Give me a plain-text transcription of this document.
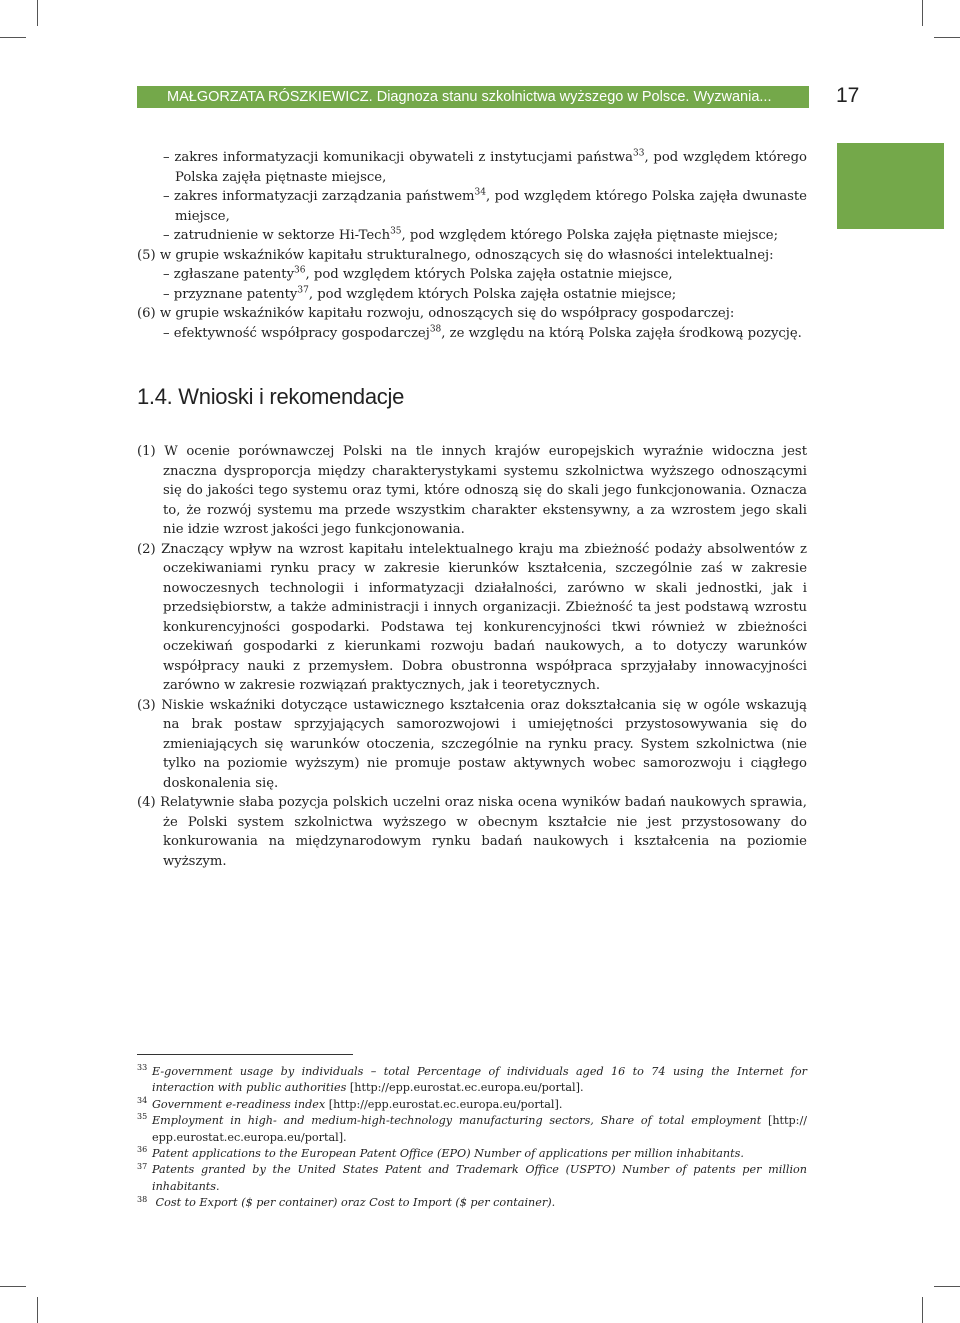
MAŁGORZATA RÓSZKIEWICZ. Diagnoza stanu szkolnictwa wyższego w Polsce. Wyzwania...	17
– zakres informatyzacji komunikacji obywateli z instytucjami państwa$^{33}$, pod względem którego Polska zajęła piętnaste miejsce,
– zakres informatyzacji zarządzania państwem$^{34}$, pod względem którego Polska zajęła dwunaste miejsce,
– zatrudnienie w sektorze Hi-Tech$^{35}$, pod względem którego Polska zajęła piętnaste miejsce;
(5) w grupie wskaźników kapitału strukturalnego, odnoszących się do własności intelektualnej:
– zgłaszane patenty$^{36}$, pod względem których Polska zajęła ostatnie miejsce,
– przyznane patenty$^{37}$, pod względem których Polska zajęła ostatnie miejsce;
(6) w grupie wskaźników kapitału rozwoju, odnoszących się do współpracy gospodarczej:
– efektywność współpracy gospodarczej$^{38}$, ze względu na którą Polska zajęła środkową pozycję.
1.4. Wnioski i rekomendacje
(1) W ocenie porównawczej Polski na tle innych krajów europejskich wyraźnie widoczna jest znaczna dysproporcja między charakterystykami systemu szkolnictwa wyższego odnoszącymi się do jakości tego systemu oraz tymi, które odnoszą się do skali jego funkcjonowania. Oznacza to, że rozwój systemu ma przede wszystkim charakter ekstensywny, a za wzrostem jego skali nie idzie wzrost jakości jego funkcjonowania.
(2) Znaczący wpływ na wzrost kapitału intelektualnego kraju ma zbieżność podaży absolwentów z oczekiwaniami rynku pracy w zakresie kierunków kształcenia, szczególnie zaś w zakresie nowoczesnych technologii i informatyzacji działalności, zarówno w skali jednostki, jak i przedsiębiorstw, a także administracji i innych organizacji. Zbieżność ta jest podstawą wzrostu konkurencyjności gospodarki. Podstawa tej konkurencyjności tkwi również w zbieżności oczekiwań gospodarki z kierunkami rozwoju badań naukowych, a to dotyczy warunków współpracy nauki z przemysłem. Dobra obustronna współpraca sprzyjałaby innowacyjności zarówno w zakresie rozwiązań praktycznych, jak i teoretycznych.
(3) Niskie wskaźniki dotyczące ustawicznego kształcenia oraz dokształcania się w ogóle wskazują na brak postaw sprzyjających samorozwojowi i umiejętności przystosowywania się do zmieniających się warunków otoczenia, szczególnie na rynku pracy. System szkolnictwa (nie tylko na poziomie wyższym) nie promuje postaw aktywnych wobec samorozwoju i ciągłego doskonalenia się.
(4) Relatywnie słaba pozycja polskich uczelni oraz niska ocena wyników badań naukowych sprawia, że Polski system szkolnictwa wyższego w obecnym kształcie nie jest przystosowany do konkurowania na międzynarodowym rynku badań naukowych i kształcenia na poziomie wyższym.
33 E-government usage by individuals – total Percentage of individuals aged 16 to 74 using the Internet for interaction with public authorities [http://epp.eurostat.ec.europa.eu/portal].
34 Government e-readiness index [http://epp.eurostat.ec.europa.eu/portal].
35 Employment in high- and medium-high-technology manufacturing sectors, Share of total employment [http:// epp.eurostat.ec.europa.eu/portal].
36 Patent applications to the European Patent Office (EPO) Number of applications per million inhabitants.
37 Patents granted by the United States Patent and Trademark Office (USPTO) Number of patents per million inhabitants.
38 Cost to Export ($ per container) oraz Cost to Import ($ per container).
